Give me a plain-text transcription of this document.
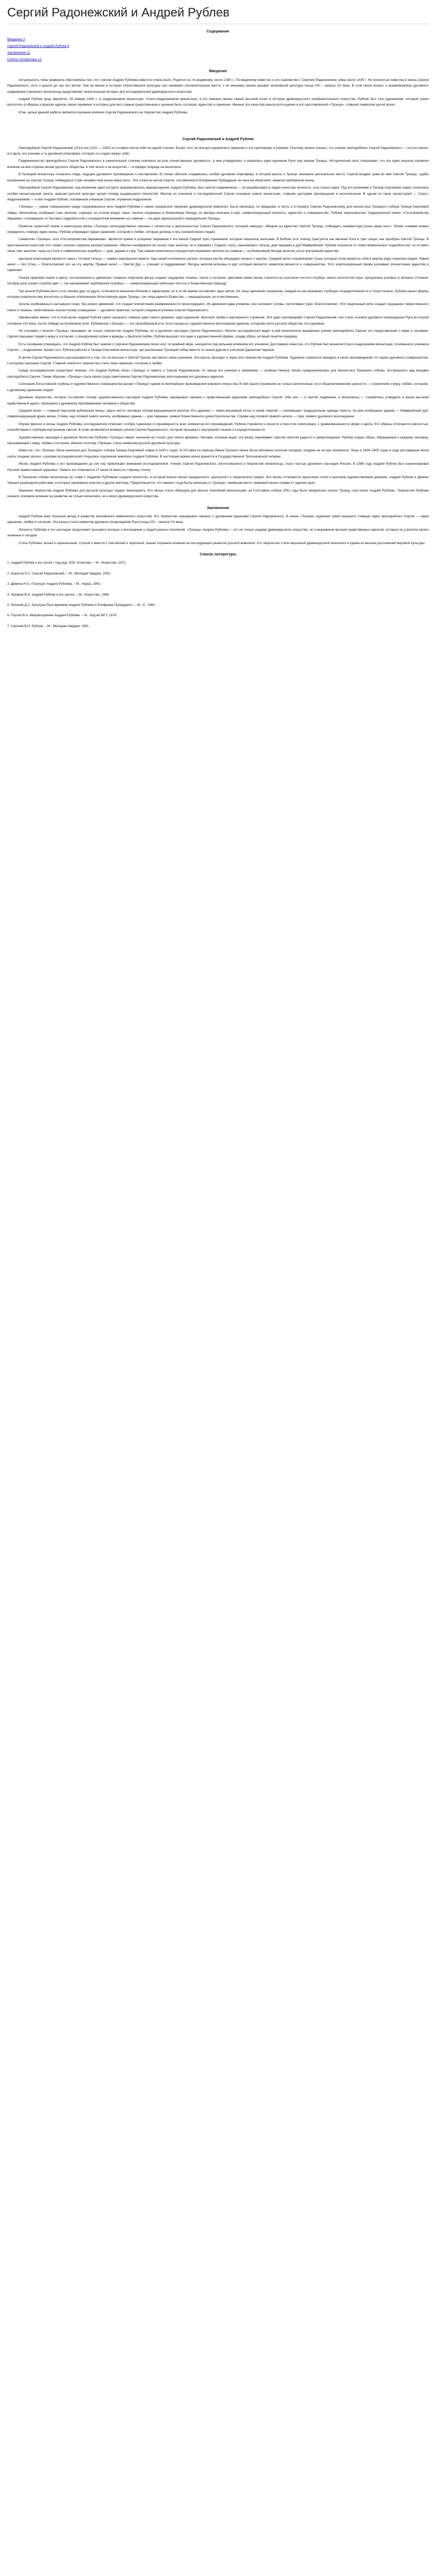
Сергий Радонежский и Андрей Рублев
Содержание
Введение 3
Сергий Радонежский и Андрей Рублев 4
Заключение 11
Список литературы 12
Введение

Актуальность темы реферата обусловлена тем, что о жизни Андрея Рублева известно очень мало. Родился он, по-видимому, около 1360 г.; По-видимому известно о его знакомстве с Сергием Радонежским, умер около 1430 г. Не полностью известна и жизнь Сергия Радонежского, хотя и дошли до нас его жития. Тем не менее в истории отечественной культуры они занимают исключительное место: с их именами связан расцвет московской культуры конца XIV – начала XV века. В этой связи вопрос о взаимовлиянии духовного подвижника и великого иконописца представляет значительный интерес для исследователей древнерусского искусства.

Андрей Рублев (род. вероятно, 28 января 1430 г., в Андрониковом монастыре, Спасо-Андрониковом монастыре; в его именем связан самый высокий взлет в истории древнерусского изобразительного искусства. Рублев был тем художником, который сумел воплотить в образах и красках идеалы своего времени, в которых для него самым существенным и ценным было согласие, единство и гармония. Именно эти качества нашли воплощение в его прославленной «Троице», ставшей символом целой эпохи.

Итак, целью данной работы является изучение влияния Сергия Радонежского на творчество Андрея Рублева.

Сергий Радонежский и Андрей Рублев

Преподобный Сергий Радонежский (1314 или 1322 — 1392) не оставил после себя ни одной строчки. Более того, не всегда сохранились сведения о его проповедях и учениях. Поэтому, можно сказать, что учение преподобного Сергия Радонежского — это его жизнь, его дела, его ученики и та духовная атмосфера, которую он создал вокруг себя.

Подвижничество преподобного Сергия Радонежского в значительной степени повлияло на всю отечественную духовность; в нем утвердилась и развилась идея единения Руси под знаком Троицы. Исторический опыт показывает, что эта идея оказала огромное влияние на все стороны жизни русского общества, в том числе и на искусство — в первую очередь на иконопись.

В Троицкий монастырь стекались люди, ищущие духовного просвещения и наставления. В стенах обители создавалась особая духовная атмосфера, в которой мысль о Троице занимала центральное место. Сергий воздвиг храм во имя Святой Троицы, «дабы воззрением на Святую Троицу побеждался страх ненавистной розни мира сего». Эти слова из жития Сергия, составленного Епифанием Премудрым, во многом объясняют замысел рублевской иконы.

Преподобный Сергий Радонежский, под влиянием идей которого формировалось мировоззрение Андрея Рублева, был святой подвижником — он вырабатывал в людях качества личности, а не только идеи. Под его влиянием в Троице-Сергиевой лавре сложилась особая монастырская школа, давшая русской культуре целую плеяду выдающихся личностей. Многие из учеников и последователей Сергия основали новые монастыри, ставшие центрами просвещения и иконописания. В одном из таких монастырей — Спасо-Андрониковом — и жил Андрей Рублев, основанном учеником Сергия, игуменом Андроником.

«Троица» — самое совершенное среди сохранившихся икон Андрея Рублева и самое прекрасное творение древнерусской живописи. Была написана, по преданию, в честь и в похвалу Сергию Радонежскому для иконостаса Троицкого собора Троице-Сергиевой лавры. Иконописец изобразил трех ангелов, сидящих за столом вокруг чаши. Ангелы погружены в безмолвную беседу; их фигуры вписаны в круг, символизирующий вечность, единство и совершенство. Рублев переосмыслил традиционный сюжет «Гостеприимства Авраама», отказавшись от бытовых подробностей и сосредоточив внимание на главном — на идее единосущной и нераздельной Троицы.

Развитие сюжетной линии и композиции иконы «Троица» непосредственно связаны с личностью и деятельностью Сергия Радонежского, который завещал: «Взирая на единство Святой Троицы, побеждать ненавистную рознь мира сего». Этими словами можно определить главную идею иконы: Рублев утверждает идеал единения, согласия и любви, которые должны стать основой жизни людей.

Символом «Троицы», или «Гостеприимства Авраамова», является прием и угощение Авраамом и его женой Саррой трех странников, которые оказались ангелами. В Библии этот эпизод трактуется как явление Бога в трех лицах, как прообраз Святой Троицы. В христианском искусстве этот сюжет получил широкое распространение. Обычно изображали не только трех ангелов, но и Авраама с Саррой, слугу, закалающего тельца, дом Авраама и дуб Мамврийский. Рублев отказался от повествовательных подробностей: он оставил лишь трех ангелов, чашу на столе и символические атрибуты — дом, дерево и гору. Тем самым иконописец сосредоточил внимание зрителя на главном — на безмолвной беседе ангелов, на их внутреннем единстве.

Центром композиции является чаша с головой тельца — символ жертвенной смерти. Над чашей склонились ангелы, которые как бы обсуждают вопрос о жертве. Средний ангел олицетворяет Сына, который готов принести себя в жертву ради спасения людей. Левый ангел — Бог Отец — благословляет его на эту жертву. Правый ангел — Святой Дух — утешает и поддерживает. Фигуры ангелов вписаны в круг, который является символом вечности и совершенства. Этот композиционный прием усиливает впечатление единства и гармонии.

Тонкая гармония линий и цвета, согласованность движений, плавные очертания фигур создают ощущение тишины, покоя и согласия. Цветовая гамма иконы строится на сочетании чистого голубца, нежно-золотистой охры, прозрачных розовых и зеленых оттенков. Особую роль играет голубой цвет — так называемый «рублевский голубец», — символизирующий небесную чистоту и божественную природу.

Три ангела Рублева нечто и не похожи друг на друга, отличаются внешним обликом и характером, но в то же время составляют одно целое. Их лица одинаково прекрасны, каждый из них выражает глубокую сосредоточенность и тихую печаль. Рублев нашел форму, которая позволила ему воплотить в образах отвлеченную богословскую идею Троицы: три лица единого Божества — нераздельные, но и неслиянные.

Ангелы изображены в застывших позах, без резких движений, что создает впечатление вневременности происходящего. Их движения едва уловимы: они склоняют головы, протягивают руки, благословляют. Этот медленный ритм создает ощущение торжественного покоя и тишины, свойственных исихастскому созерцанию — духовной практике, которой следовали ученики Сергия Радонежского.

Чрезвычайно важно, что в этой иконе Андрей Рублев сумел выразить главные идеи своего времени: идеи единения, братской любви и жертвенного служения. Эти идеи проповедовал Сергий Радонежский; они стали основой духовного возрождения Руси во второй половине XIV века, после победы на Куликовом поле. Рублевская «Троица» — это своеобразный итог этого процесса, художественное воплощение идеалов, которыми жило русское общество того времени.

Не случайно с иконой «Троица» связывают не только творчество Андрея Рублева, но и духовное наследие Сергия Радонежского. Многие исследователи видят в ней иконописное выражение учения преподобного Сергия, его представлений о мире и человеке. Сергий призывал людей к миру и согласию, к преодолению розни и вражды, к братской любви. Рублев выразил эти идеи в художественной форме, создав образ, который понятен каждому.

Есть основание утверждать, что Андрей Рублев был знаком с Сергием Радонежским лично или, по крайней мере, находился под сильным влиянием его учеников. Достоверно известно, что Рублев был монахом Спасо-Андроникова монастыря, основанного учеником Сергия — Андроником. Кроме того, Рублев работал в Троице-Сергиевом монастыре, где расписывал Троицкий собор вместе со своим другом и учителем Даниилом Черным.

В житии Сергия Радонежского рассказывается о том, что он мыслью о Святой Троице наставлял своих учеников. Эта мысль проходит и через все творчество Андрея Рублева. Художник стремился передать в своих произведениях тот идеал духовного совершенства, к которому призывал Сергий. Главной темой его творчества стала тема гармонии, согласия и любви.

Среди исследователей существует мнение, что Андрей Рублев писал «Троицу» в память о Сергии Радонежском, по заказу его ученика и преемника — игумена Никона. Икона предназначалась для иконостаса Троицкого собора, построенного над мощами преподобного Сергия. Таким образом, «Троица» стала своего рода памятником Сергию Радонежскому, воплощением его духовных идеалов.

Сочетание богословской глубины и художественного совершенства делает «Троицу» одним из величайших произведений мирового искусства. В ней нашли отражение не только религиозные, но и общечеловеческие ценности — стремление к миру, любви, согласию, к духовному единению людей.

Духовное творчество, которое составляет основу художественного наследия Андрея Рублева, неразрывно связано с нравственными идеалами преподобного Сергия. Оба они — и святой подвижник, и иконописец — стремились утвердить в жизни высокий нравственный идеал, призывали к духовному преображению человека и общества.

Средний ангел — главный персонаж рублевской иконы. Здесь место лиловым слитам вращающихся ангелов. Его одеяния — темно-вишневый хитон и синий гиматий — напоминают традиционные одежды Христа. За ним изображено дерево — Мамврийский дуб, символизирующий древо жизни. Слева, над головой левого ангела, изображено здание — дом Авраама, символ Божественного домостроительства. Справа над головой правого ангела — гора, символ духовного восхождения.

Изучая фрески и иконы Андрея Рублева, исследователи отмечают особую гармонию и соразмерность всех элементов его произведений. Рублев стремился к ясности и простоте композиции, к уравновешенности форм и цвета. Его образы отличаются мягкостью, спокойствием и глубоким внутренним светом. В этом проявляется влияние учения Сергия Радонежского, который призывал к внутренней тишине и сосредоточенности.

Художественное наследие и духовное богатство Рублева «Троицы» имеют значение не только для своего времени. Человек, который видит эту икону, переживает чувство светлой радости и умиротворения. Рублев создал образ, обращенный к каждому человеку, призывающий к миру, любви и согласию. Именно поэтому «Троица» стала символом русской духовной культуры.

Известно, что «Троица» была написана для Троицкого собора Троице-Сергиевой лавры в 1420-х годах. В XVI веке по приказу Ивана Грозного икона была обложена золотым окладом; позднее ее не раз поновляли. Лишь в 1904–1905 годах в ходе реставрации были сняты поздние записи, и взорам исследователей открылась подлинная живопись Андрея Рублева. В настоящее время икона хранится в Государственной Третьяковской галерее.

Жизнь Андрея Рублева и его произведения до сих пор привлекают внимание исследователей. Учение Сергия Радонежского, воплотившееся в творчестве иконописца, стало частью духовного наследия России. В 1988 году Андрей Рублев был канонизирован Русской православной церковью. Память его отмечается 17 июля (4 июля по старому стилю).

В Троицком соборе иконописцы во главе с Андреем Рублевым создали иконостас, в который вошли иконы праздничного, деисусного и пророческого рядов. Эти иконы отличаются единством стиля и высоким художественным уровнем. Андрей Рублев и Даниил Черный руководили работами, в которых принимали участие и другие мастера. Предполагается, что именно тогда была написана и «Троица», занявшая место храмовой иконы справа от царских врат.

Значение творчества Андрея Рублева для русской культуры трудно переоценить. Его иконы стали образцом для многих поколений иконописцев; на Стоглавом соборе 1551 года было предписано писать Троицу «как писал Андрей Рублев». Творчество Рублева оказало огромное влияние на развитие не только иконописи, но и всего древнерусского искусства.

Заключение

Андрей Рублев внес большой вклад в развитие московского живописного искусства. Его творчество неразрывно связано с духовными идеалами Сергия Радонежского. В иконе «Троица» художник сумел выразить главную идею преподобного Сергия — идею единения, любви и согласия. Эта икона стала символом духовного возрождения Руси конца XIV – начала XV века.

Личность Рублева и его наследие продолжают вызывать интерес и восхищение у людей разных поколений. «Троица» Андрея Рублева — это не только шедевр древнерусского искусства, но и выражение высших нравственных идеалов, которые не утратили своего значения и сегодня.

Стиль Рублева, ясный и гармоничный, строгий и вместе с тем мягкий и лиричный, оказал огромное влияние на последующее развитие русской живописи. Его творчество стало вершиной древнерусской иконописи и одним из высших достижений мировой культуры.

Список литературы
1. Андрей Рублев и его эпоха / под ред. М.В. Алпатова. – М.: Искусство, 1971.
2. Борисов Н.С. Сергий Радонежский. – М.: Молодая гвардия, 2002.
3. Демина Н.А. «Троица» Андрея Рублева. – М.: Наука, 1963.
4. Лазарев В.Н. Андрей Рублев и его школа. – М.: Искусство, 1966.
5. Лихачев Д.С. Культура Руси времени Андрея Рублева и Епифания Премудрого. – М.–Л., 1962.
6. Плугин В.А. Мировоззрение Андрея Рублева. – М.: Изд-во МГУ, 1974.
7. Сергеев В.Н. Рублев. – М.: Молодая гвардия, 1981.
